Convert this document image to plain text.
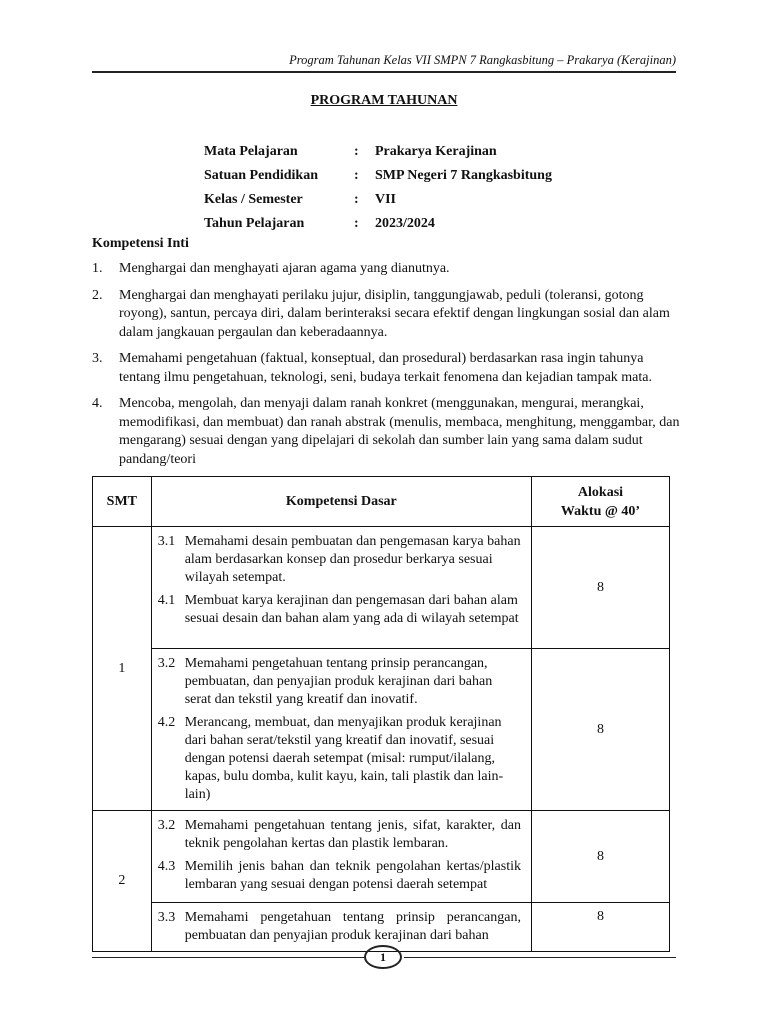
Program Tahunan Kelas VII SMPN 7 Rangkasbitung – Prakarya (Kerajinan)
PROGRAM TAHUNAN
Mata Pelajaran	:	Prakarya Kerajinan
Satuan Pendidikan	:	SMP Negeri 7 Rangkasbitung
Kelas / Semester	:	VII
Tahun Pelajaran	:	2023/2024
Kompetensi Inti
1.	Menghargai dan menghayati ajaran agama yang dianutnya.
2.	Menghargai dan menghayati perilaku jujur, disiplin, tanggungjawab, peduli (toleransi, gotong royong), santun, percaya diri, dalam berinteraksi secara efektif dengan lingkungan sosial dan alam dalam jangkauan pergaulan dan keberadaannya.
3.	Memahami pengetahuan (faktual, konseptual, dan prosedural) berdasarkan rasa ingin tahunya tentang ilmu pengetahuan, teknologi, seni, budaya terkait fenomena dan kejadian tampak mata.
4.	Mencoba, mengolah, dan menyaji dalam ranah konkret (menggunakan, mengurai, merangkai, memodifikasi, dan membuat) dan ranah abstrak (menulis, membaca, menghitung, menggambar, dan mengarang) sesuai dengan yang dipelajari di sekolah dan sumber lain yang sama dalam sudut pandang/teori
SMT	Kompetensi Dasar	Alokasi
Waktu @ 40’

1	3.1 Memahami desain pembuatan dan pengemasan karya bahan alam berdasarkan konsep dan prosedur berkarya sesuai wilayah setempat.
4.1 Membuat karya kerajinan dan pengemasan dari bahan alam sesuai desain dan bahan alam yang ada di wilayah setempat	8

	3.2 Memahami pengetahuan tentang prinsip perancangan, pembuatan, dan penyajian produk kerajinan dari bahan serat dan tekstil yang kreatif dan inovatif.
4.2 Merancang, membuat, dan menyajikan produk kerajinan dari bahan serat/tekstil yang kreatif dan inovatif, sesuai dengan potensi daerah setempat (misal: rumput/ilalang, kapas, bulu domba, kulit kayu, kain, tali plastik dan lain-lain)	8
2	3.2 Memahami pengetahuan tentang jenis, sifat, karakter, dan teknik pengolahan kertas dan plastik lembaran.
4.3 Memilih jenis bahan dan teknik pengolahan kertas/plastik lembaran yang sesuai dengan potensi daerah setempat	8

	3.3 Memahami pengetahuan tentang prinsip perancangan, pembuatan dan penyajian produk kerajinan dari bahan	8
1
